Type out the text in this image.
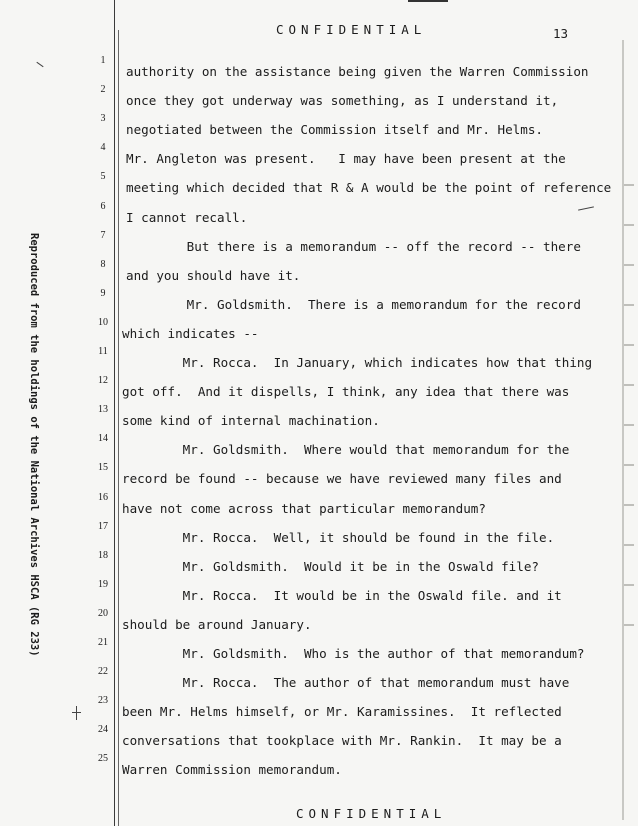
CONFIDENTIAL	13
Reproduced from the holdings of the National Archives HSCA (RG 233)
1
authority on the assistance being given the Warren Commission
2
once they got underway was something, as I understand it,
3
negotiated between the Commission itself and Mr. Helms.
4
Mr. Angleton was present.   I may have been present at the
5
meeting which decided that R & A would be the point of reference
6
I cannot recall.
7
But there is a memorandum -- off the record -- there
8
and you should have it.
9
Mr. Goldsmith.  There is a memorandum for the record
10
which indicates --
11
Mr. Rocca.  In January, which indicates how that thing
12
got off.  And it dispells, I think, any idea that there was
13
some kind of internal machination.
14
Mr. Goldsmith.  Where would that memorandum for the
15
record be found -- because we have reviewed many files and
16
have not come across that particular memorandum?
17
Mr. Rocca.  Well, it should be found in the file.
18
Mr. Goldsmith.  Would it be in the Oswald file?
19
Mr. Rocca.  It would be in the Oswald file. and it
20
should be around January.
21
Mr. Goldsmith.  Who is the author of that memorandum?
22
Mr. Rocca.  The author of that memorandum must have
23
been Mr. Helms himself, or Mr. Karamissines.  It reflected
24
conversations that tookplace with Mr. Rankin.  It may be a
25
Warren Commission memorandum.
CONFIDENTIAL
